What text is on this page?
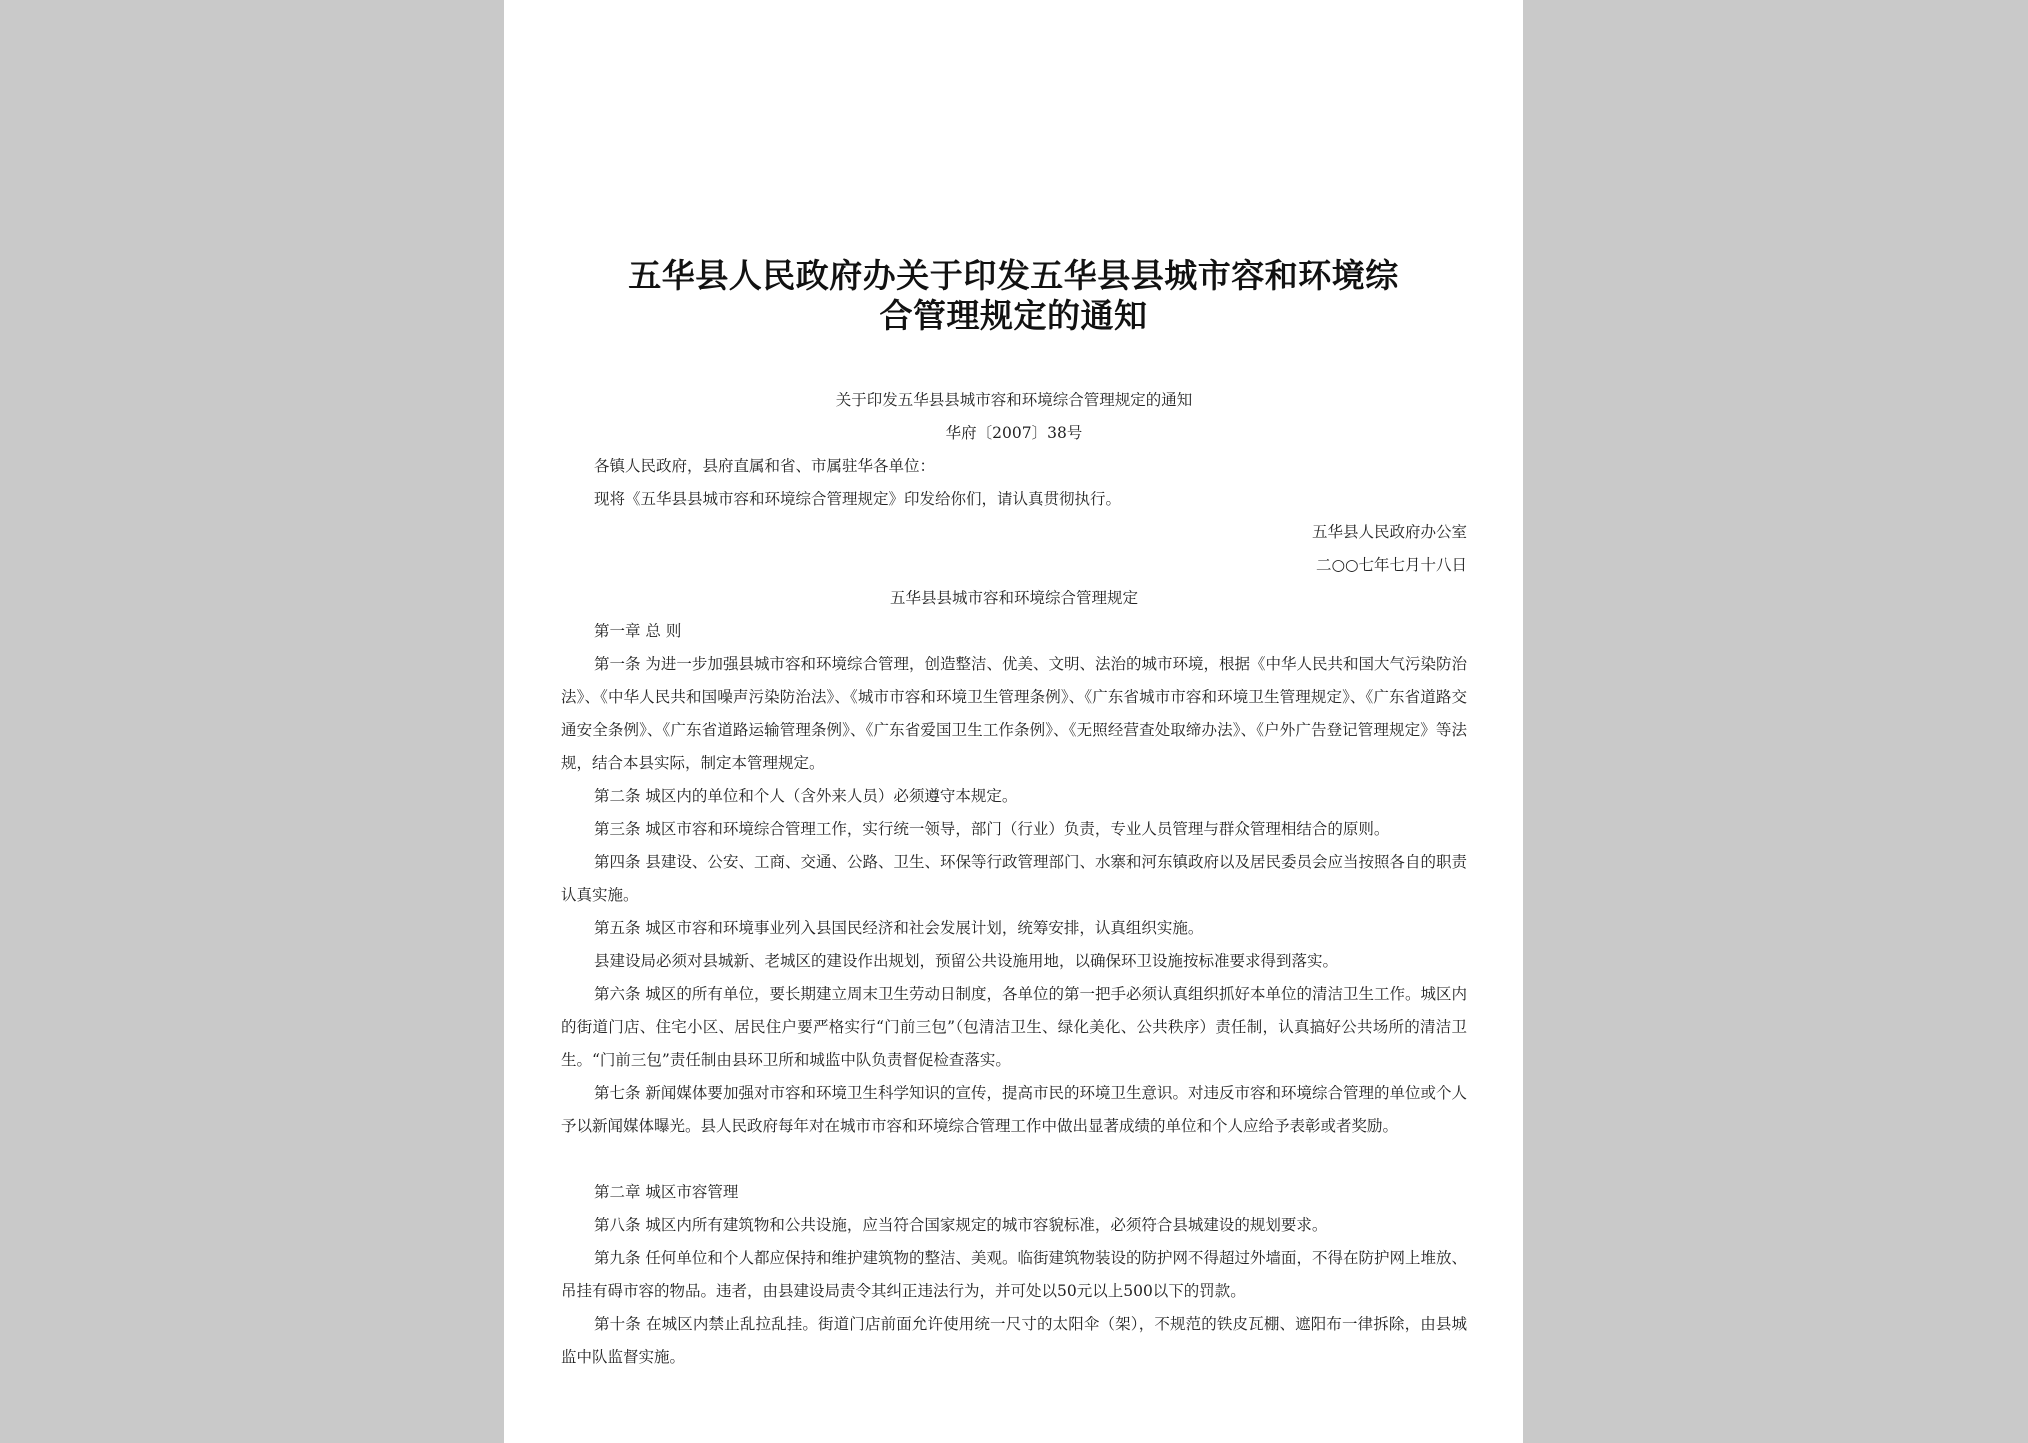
五华县人民政府办关于印发五华县县城市容和环境综
合管理规定的通知
关于印发五华县县城市容和环境综合管理规定的通知
华府〔2007〕38号
各镇人民政府，县府直属和省、市属驻华各单位：
现将《五华县县城市容和环境综合管理规定》印发给你们，请认真贯彻执行。
五华县人民政府办公室
二○○七年七月十八日
五华县县城市容和环境综合管理规定
第一章 总 则
第一条 为进一步加强县城市容和环境综合管理，创造整洁、优美、文明、法治的城市环境，根据《中华人民共和国大气污染防治法》、《中华人民共和国噪声污染防治法》、《城市市容和环境卫生管理条例》、《广东省城市市容和环境卫生管理规定》、《广东省道路交通安全条例》、《广东省道路运输管理条例》、《广东省爱国卫生工作条例》、《无照经营查处取缔办法》、《户外广告登记管理规定》等法规，结合本县实际，制定本管理规定。
第二条 城区内的单位和个人（含外来人员）必须遵守本规定。
第三条 城区市容和环境综合管理工作，实行统一领导，部门（行业）负责，专业人员管理与群众管理相结合的原则。
第四条 县建设、公安、工商、交通、公路、卫生、环保等行政管理部门、水寨和河东镇政府以及居民委员会应当按照各自的职责认真实施。
第五条 城区市容和环境事业列入县国民经济和社会发展计划，统筹安排，认真组织实施。
县建设局必须对县城新、老城区的建设作出规划，预留公共设施用地，以确保环卫设施按标准要求得到落实。
第六条 城区的所有单位，要长期建立周末卫生劳动日制度，各单位的第一把手必须认真组织抓好本单位的清洁卫生工作。城区内的街道门店、住宅小区、居民住户要严格实行“门前三包”（包清洁卫生、绿化美化、公共秩序）责任制，认真搞好公共场所的清洁卫生。“门前三包”责任制由县环卫所和城监中队负责督促检查落实。
第七条 新闻媒体要加强对市容和环境卫生科学知识的宣传，提高市民的环境卫生意识。对违反市容和环境综合管理的单位或个人予以新闻媒体曝光。县人民政府每年对在城市市容和环境综合管理工作中做出显著成绩的单位和个人应给予表彰或者奖励。
第二章 城区市容管理
第八条 城区内所有建筑物和公共设施，应当符合国家规定的城市容貌标准，必须符合县城建设的规划要求。
第九条 任何单位和个人都应保持和维护建筑物的整洁、美观。临街建筑物装设的防护网不得超过外墙面，不得在防护网上堆放、吊挂有碍市容的物品。违者，由县建设局责令其纠正违法行为，并可处以50元以上500以下的罚款。
第十条 在城区内禁止乱拉乱挂。街道门店前面允许使用统一尺寸的太阳伞（架），不规范的铁皮瓦棚、遮阳布一律拆除，由县城监中队监督实施。
